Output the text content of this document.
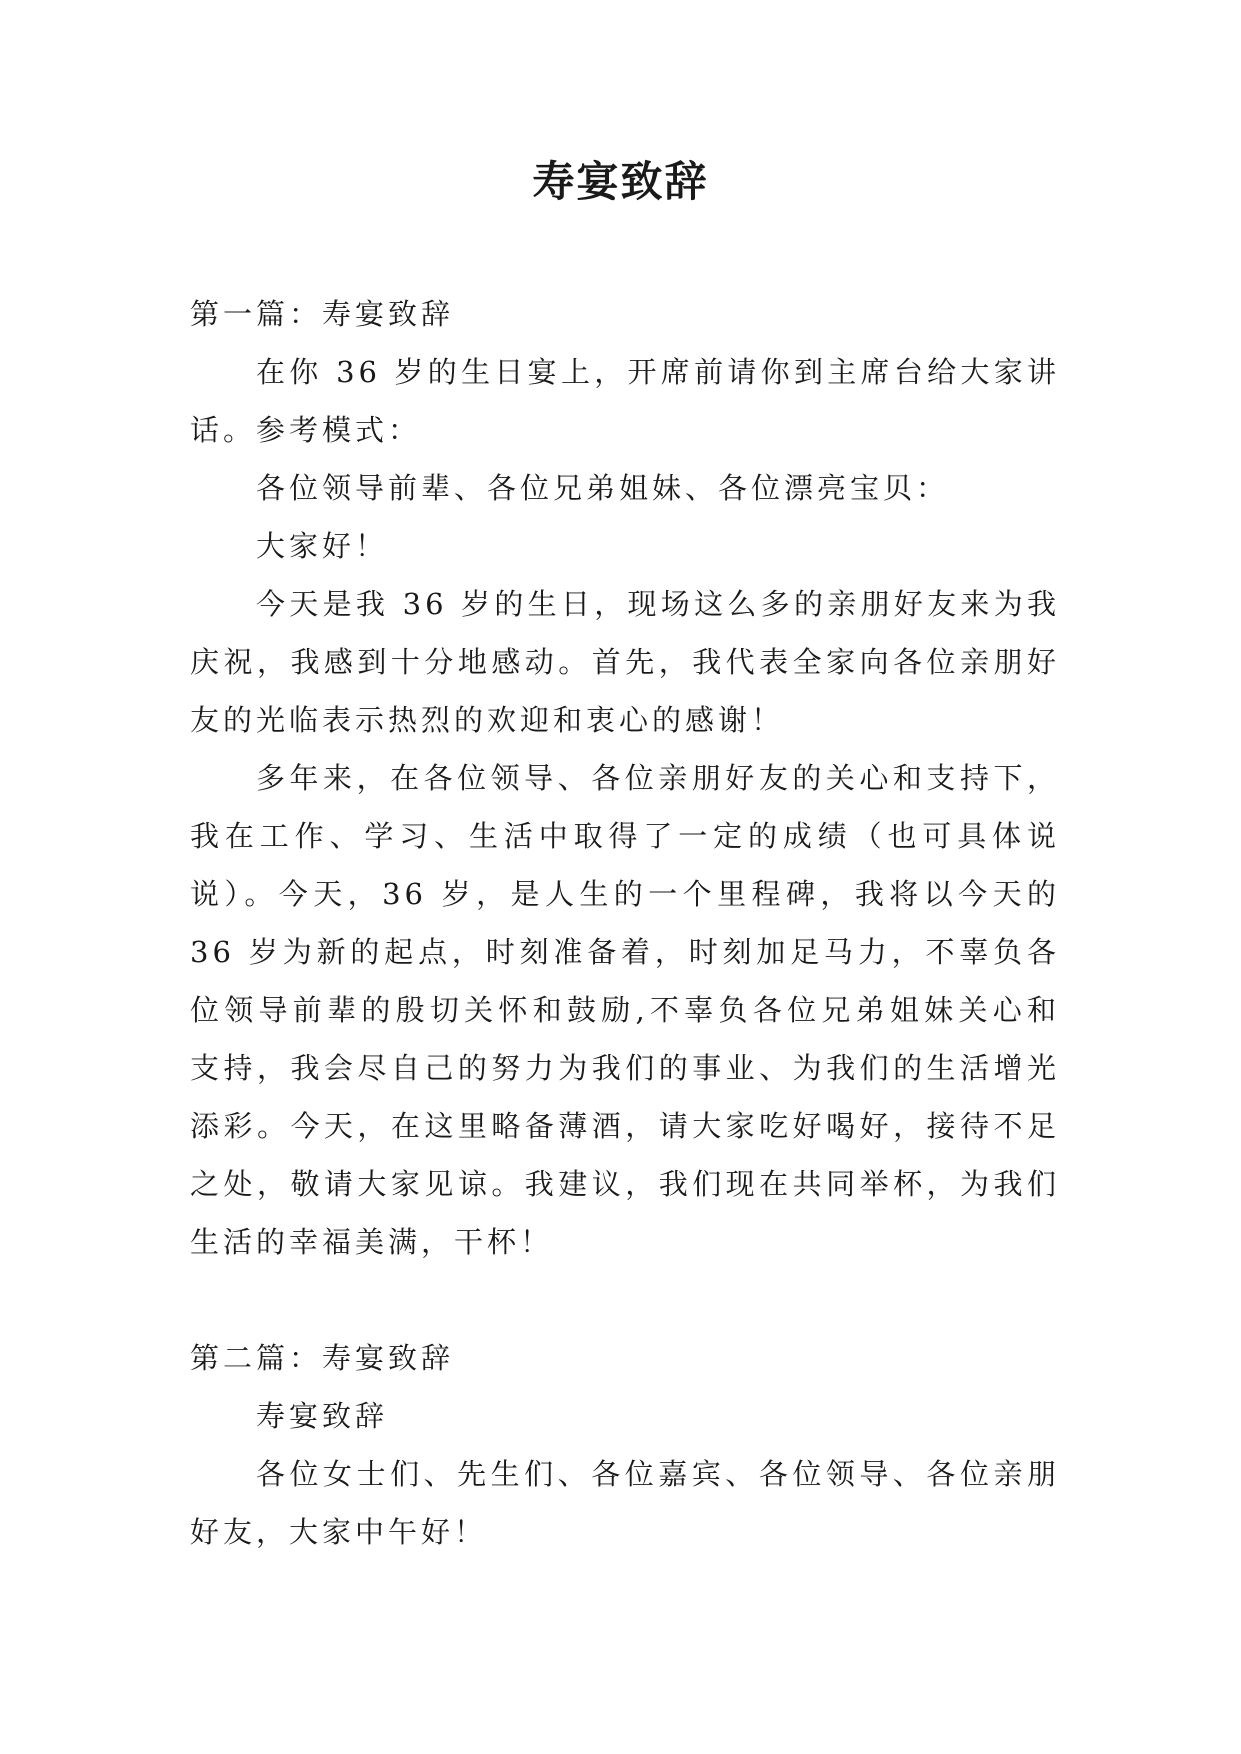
寿宴致辞

第一篇：寿宴致辞

在你 36 岁的生日宴上，开席前请你到主席台给大家讲话。参考模式：

各位领导前辈、各位兄弟姐妹、各位漂亮宝贝：

大家好！

今天是我 36 岁的生日，现场这么多的亲朋好友来为我庆祝，我感到十分地感动。首先，我代表全家向各位亲朋好友的光临表示热烈的欢迎和衷心的感谢！

多年来，在各位领导、各位亲朋好友的关心和支持下，我在工作、学习、生活中取得了一定的成绩（也可具体说说）。今天，36 岁，是人生的一个里程碑，我将以今天的 36 岁为新的起点，时刻准备着，时刻加足马力，不辜负各位领导前辈的殷切关怀和鼓励,不辜负各位兄弟姐妹关心和支持，我会尽自己的努力为我们的事业、为我们的生活增光添彩。今天，在这里略备薄酒，请大家吃好喝好，接待不足之处，敬请大家见谅。我建议，我们现在共同举杯，为我们生活的幸福美满，干杯！

第二篇：寿宴致辞

寿宴致辞

各位女士们、先生们、各位嘉宾、各位领导、各位亲朋好友，大家中午好！
